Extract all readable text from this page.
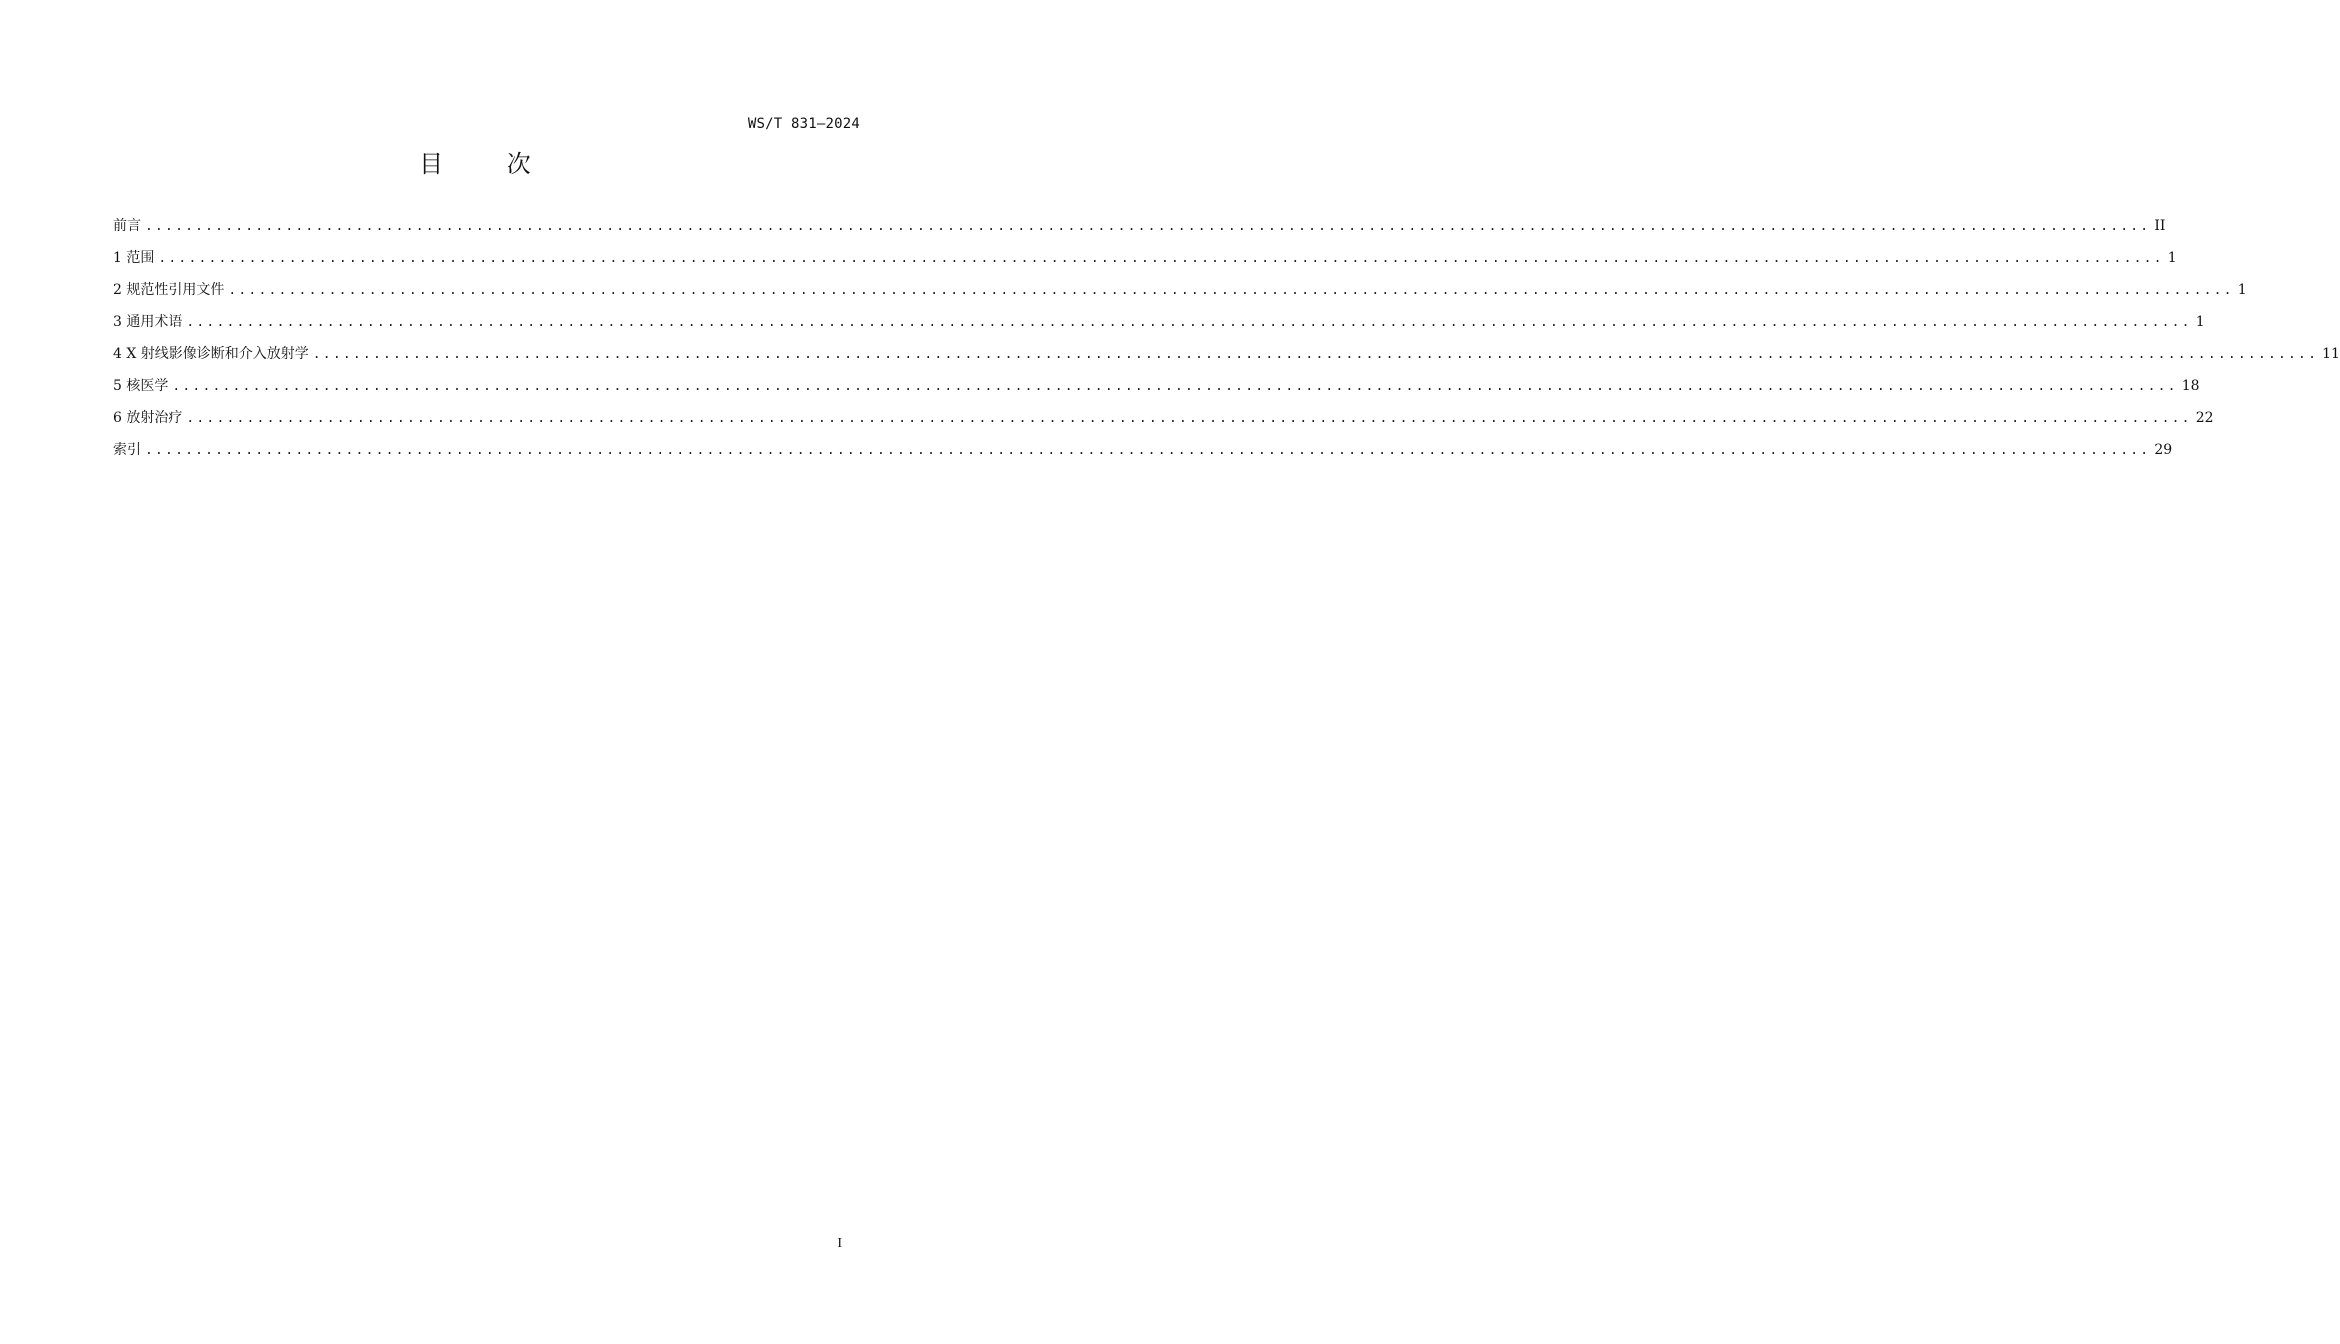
WS/T 831—2024
目 次
前言 ........................................................................................................................................................................................................ II
1 范围 ........................................................................................................................................................................................................ 1
2 规范性引用文件 ........................................................................................................................................................................................................ 1
3 通用术语 ........................................................................................................................................................................................................ 1
4 X 射线影像诊断和介入放射学 ........................................................................................................................................................................................................ 11
5 核医学 ........................................................................................................................................................................................................ 18
6 放射治疗 ........................................................................................................................................................................................................ 22
索引 ........................................................................................................................................................................................................ 29
I
